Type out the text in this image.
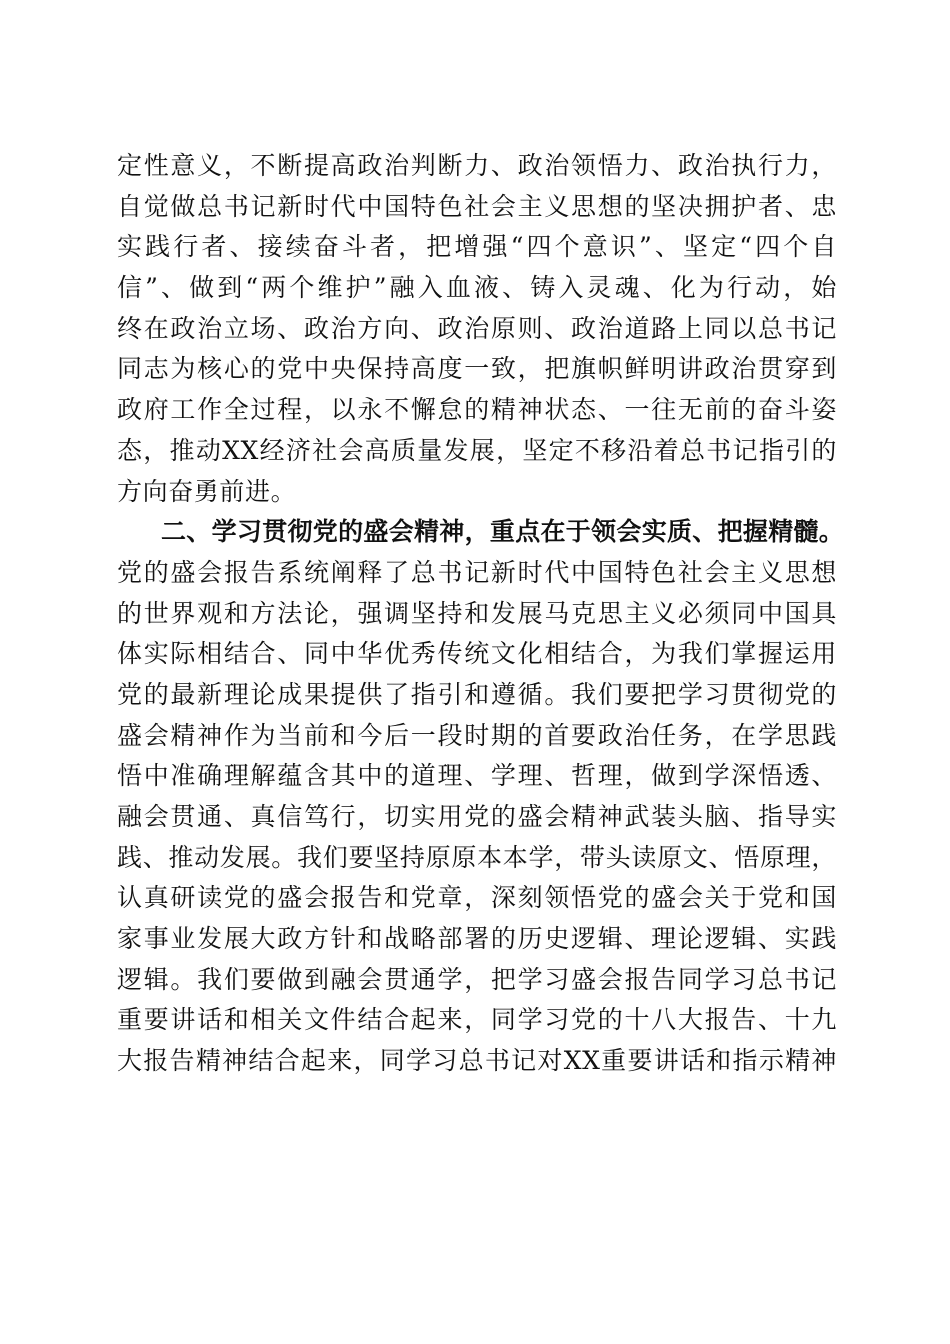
定性意义，不断提高政治判断力、政治领悟力、政治执行力，
自觉做总书记新时代中国特色社会主义思想的坚决拥护者、忠
实践行者、接续奋斗者，把增强“四个意识”、坚定“四个自
信”、做到“两个维护”融入血液、铸入灵魂、化为行动，始
终在政治立场、政治方向、政治原则、政治道路上同以总书记
同志为核心的党中央保持高度一致，把旗帜鲜明讲政治贯穿到
政府工作全过程，以永不懈怠的精神状态、一往无前的奋斗姿
态，推动XX经济社会高质量发展，坚定不移沿着总书记指引的
方向奋勇前进。
二、学习贯彻党的盛会精神，重点在于领会实质、把握精髓。
党的盛会报告系统阐释了总书记新时代中国特色社会主义思想
的世界观和方法论，强调坚持和发展马克思主义必须同中国具
体实际相结合、同中华优秀传统文化相结合，为我们掌握运用
党的最新理论成果提供了指引和遵循。我们要把学习贯彻党的
盛会精神作为当前和今后一段时期的首要政治任务，在学思践
悟中准确理解蕴含其中的道理、学理、哲理，做到学深悟透、
融会贯通、真信笃行，切实用党的盛会精神武装头脑、指导实
践、推动发展。我们要坚持原原本本学，带头读原文、悟原理，
认真研读党的盛会报告和党章，深刻领悟党的盛会关于党和国
家事业发展大政方针和战略部署的历史逻辑、理论逻辑、实践
逻辑。我们要做到融会贯通学，把学习盛会报告同学习总书记
重要讲话和相关文件结合起来，同学习党的十八大报告、十九
大报告精神结合起来，同学习总书记对XX重要讲话和指示精神
